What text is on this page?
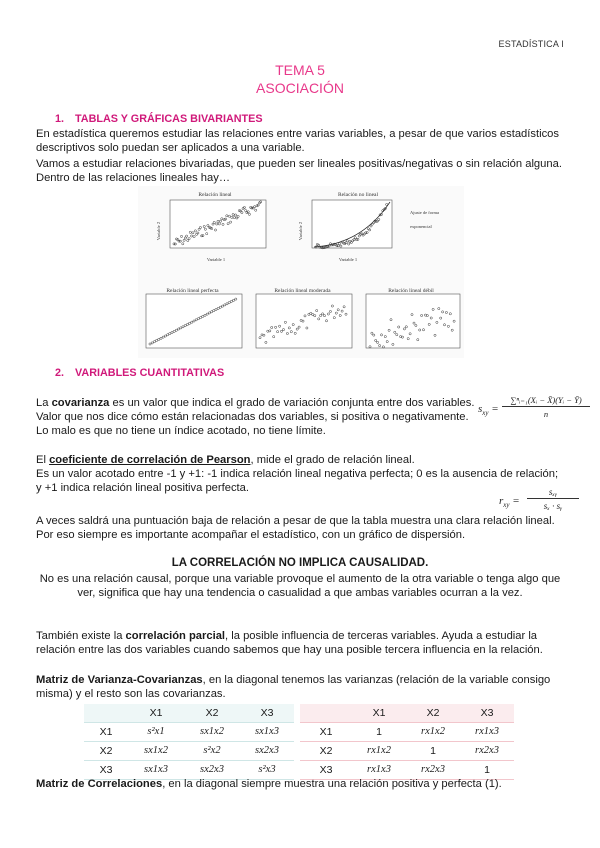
ESTADÍSTICA I
TEMA 5
ASOCIACIÓN
1. TABLAS Y GRÁFICAS BIVARIANTES
En estadística queremos estudiar las relaciones entre varias variables, a pesar de que varios estadísticos descriptivos solo puedan ser aplicados a una variable.
Vamos a estudiar relaciones bivariadas, que pueden ser lineales positivas/negativas o sin relación alguna.
Dentro de las relaciones lineales hay…
Relación lineal
Variable 1
Variable 2
Relación no lineal
Variable 1
Variable 2
Ajuste de forma exponencial
Relación lineal perfecta	Relación lineal moderada	Relación lineal débil
2. VARIABLES CUANTITATIVAS
La covarianza es un valor que indica el grado de variación conjunta entre dos variables.
Valor que nos dice cómo están relacionadas dos variables, si positiva o negativamente.
Lo malo es que no tiene un índice acotado, no tiene límite.
$s_{xy}$ =
∑ⁿᵢ₌₁(Xᵢ − X̄)(Yᵢ − Ȳ)
n
El coeficiente de correlación de Pearson, mide el grado de relación lineal.
Es un valor acotado entre -1 y +1: -1 indica relación lineal negativa perfecta; 0 es la ausencia de relación; y +1 indica relación lineal positiva perfecta.
$r_{xy}$ =
sₓᵧ
sₓ · sᵧ
A veces saldrá una puntuación baja de relación a pesar de que la tabla muestra una clara relación lineal.
Por eso siempre es importante acompañar el estadístico, con un gráfico de dispersión.
LA CORRELACIÓN NO IMPLICA CAUSALIDAD.
No es una relación causal, porque una variable provoque el aumento de la otra variable o tenga algo que ver, significa que hay una tendencia o casualidad a que ambas variables ocurran a la vez.
También existe la correlación parcial, la posible influencia de terceras variables. Ayuda a estudiar la relación entre las dos variables cuando sabemos que hay una posible tercera influencia en la relación.
Matriz de Varianza-Covarianzas, en la diagonal tenemos las varianzas (relación de la variable consigo misma) y el resto son las covarianzas.
	X1	X2	X3
X1	s²x1	sx1x2	sx1x3
X2	sx1x2	s²x2	sx2x3
X3	sx1x3	sx2x3	s²x3
	X1	X2	X3
X1	1	rx1x2	rx1x3
X2	rx1x2	1	rx2x3
X3	rx1x3	rx2x3	1
Matriz de Correlaciones, en la diagonal siempre muestra una relación positiva y perfecta (1).
